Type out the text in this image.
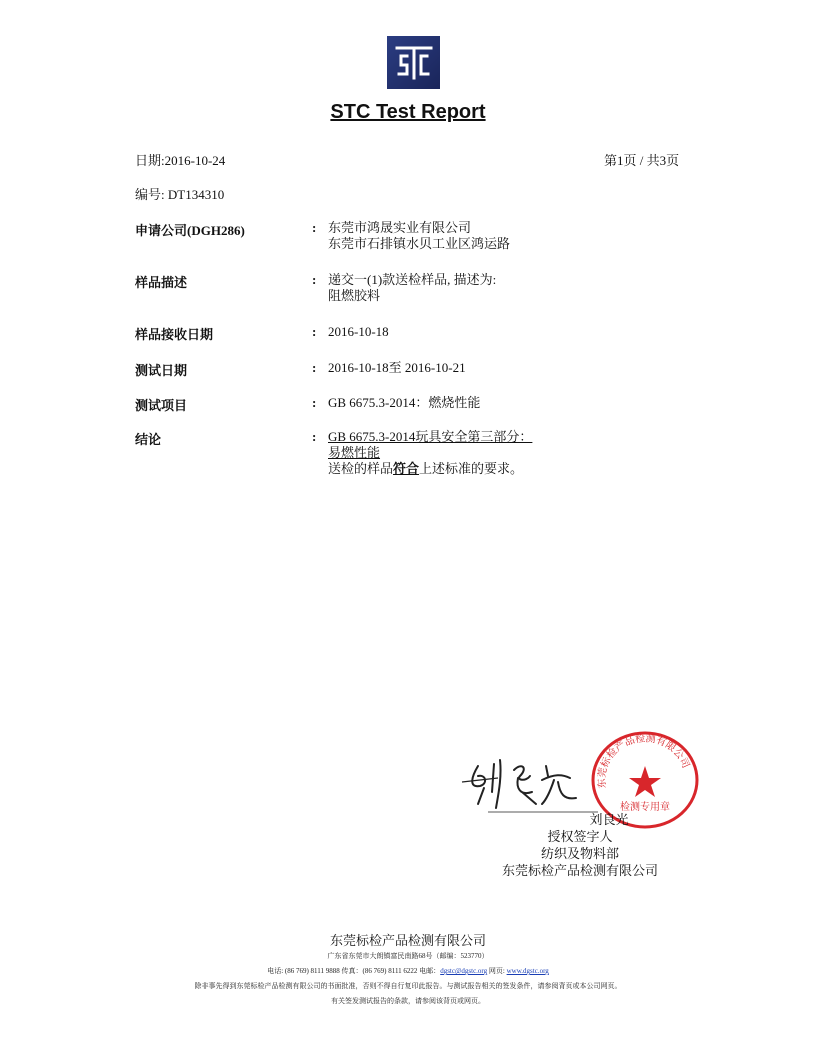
STC Test Report
日期:2016-10-24	第1页 / 共3页
编号: DT134310
申请公司(DGH286)	: 东莞市鸿晟实业有限公司
东莞市石排镇水贝工业区鸿运路
样品描述	: 递交一(1)款送检样品, 描述为:
阻燃胶料
样品接收日期	: 2016-10-18
测试日期	: 2016-10-18至 2016-10-21
测试项目	: GB 6675.3-2014：燃烧性能
结论	: GB 6675.3-2014玩具安全第三部分：
易燃性能
送检的样品符合上述标准的要求。
东莞标检产品检测有限公司
检测专用章
刘良光
授权签字人
纺织及物料部
东莞标检产品检测有限公司
东莞标检产品检测有限公司
广东省东莞市大朗镇富民南路68号（邮编：523770）
电话: (86 769) 8111 9888 传真：(86 769) 8111 6222 电邮：dgstc@dgstc.org 网页: www.dgstc.org
除非事先得到东莞标检产品检测有限公司的书面批准，否则不得自行复印此报告。与测试报告相关的签发条件，请参阅背页或本公司网页。
有关签发测试报告的条款，请参阅该背页或网页。
